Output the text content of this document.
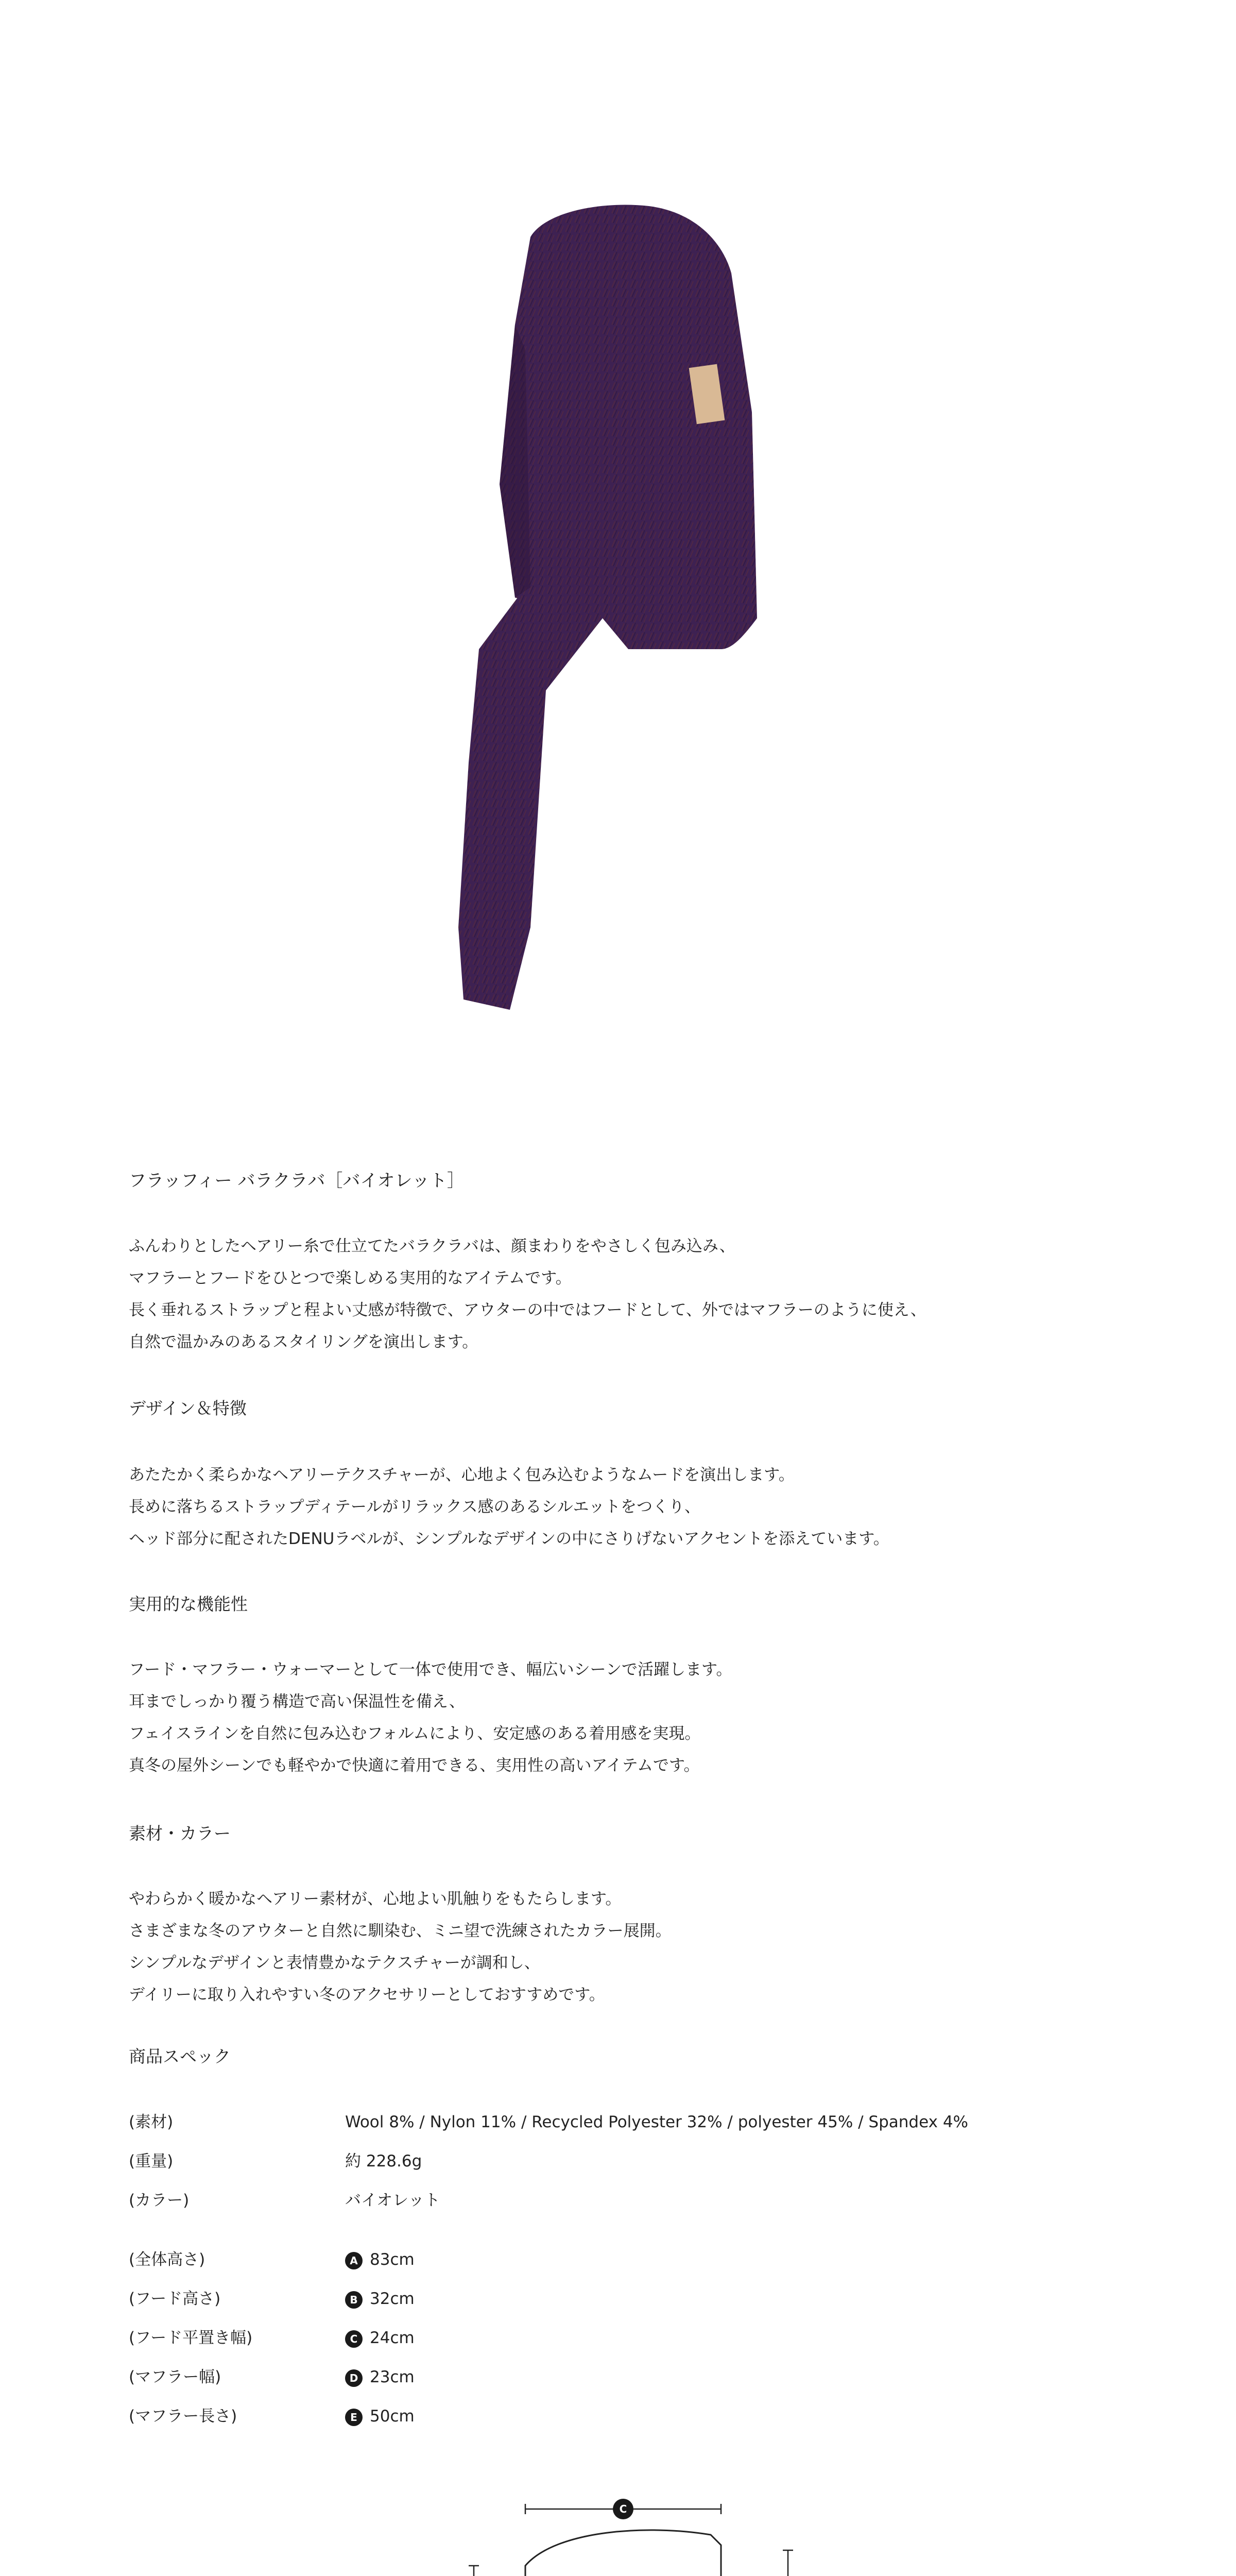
フラッフィー バラクラバ［バイオレット］

ふんわりとしたヘアリー糸で仕立てたバラクラバは、顔まわりをやさしく包み込み、

マフラーとフードをひとつで楽しめる実用的なアイテムです。

長く垂れるストラップと程よい丈感が特徴で、アウターの中ではフードとして、外ではマフラーのように使え、

自然で温かみのあるスタイリングを演出します。

デザイン＆特徴

あたたかく柔らかなヘアリーテクスチャーが、心地よく包み込むようなムードを演出します。

長めに落ちるストラップディテールがリラックス感のあるシルエットをつくり、

ヘッド部分に配されたDENUラベルが、シンプルなデザインの中にさりげないアクセントを添えています。

実用的な機能性

フード・マフラー・ウォーマーとして一体で使用でき、幅広いシーンで活躍します。

耳までしっかり覆う構造で高い保温性を備え、

フェイスラインを自然に包み込むフォルムにより、安定感のある着用感を実現。

真冬の屋外シーンでも軽やかで快適に着用できる、実用性の高いアイテムです。

素材・カラー

やわらかく暖かなヘアリー素材が、心地よい肌触りをもたらします。

さまざまな冬のアウターと自然に馴染む、ミニ望で洗練されたカラー展開。

シンプルなデザインと表情豊かなテクスチャーが調和し、

デイリーに取り入れやすい冬のアクセサリーとしておすすめです。

商品スペック

(素材)	Wool 8% / Nylon 11% / Recycled Polyester 32% / polyester 45% / Spandex 4%
(重量)	約 228.6g
(カラー)	バイオレット
(全体高さ)	A 83cm
(フード高さ)	B 32cm
(フード平置き幅)	C 24cm
(マフラー幅)	D 23cm
(マフラー長さ)	E 50cm
C
